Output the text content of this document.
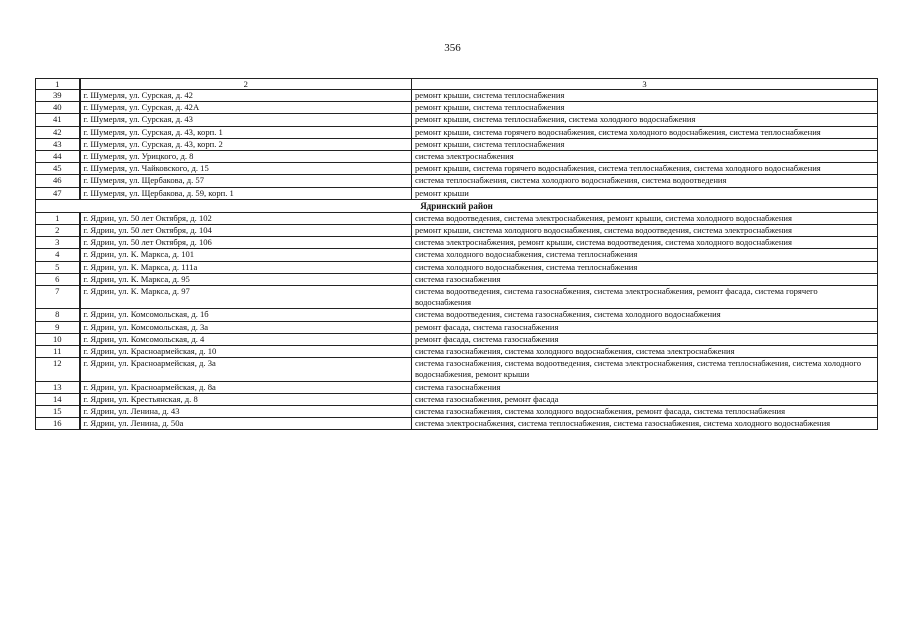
356
1	2	3
39	г. Шумерля, ул. Сурская, д. 42	ремонт крыши, система теплоснабжения
40	г. Шумерля, ул. Сурская, д. 42А	ремонт крыши, система теплоснабжения
41	г. Шумерля, ул. Сурская, д. 43	ремонт крыши, система теплоснабжения, система холодного водоснабжения
42	г. Шумерля, ул. Сурская, д. 43, корп. 1	ремонт крыши, система горячего водоснабжения, система холодного водоснабжения, система теплоснабжения
43	г. Шумерля, ул. Сурская, д. 43, корп. 2	ремонт крыши, система теплоснабжения
44	г. Шумерля, ул. Урицкого, д. 8	система электроснабжения
45	г. Шумерля, ул. Чайковского, д. 15	ремонт крыши, система горячего водоснабжения, система теплоснабжения, система холодного водоснабжения
46	г. Шумерля, ул. Щербакова, д. 57	система теплоснабжения, система холодного водоснабжения, система водоотведения
47	г. Шумерля, ул. Щербакова, д. 59, корп. 1	ремонт крыши
Ядринский район		
1	г. Ядрин, ул. 50 лет Октября, д. 102	система водоотведения, система электроснабжения, ремонт крыши, система холодного водоснабжения
2	г. Ядрин, ул. 50 лет Октября, д. 104	ремонт крыши, система холодного водоснабжения, система водоотведения, система электроснабжения
3	г. Ядрин, ул. 50 лет Октября, д. 106	система электроснабжения, ремонт крыши, система водоотведения, система холодного водоснабжения
4	г. Ядрин, ул. К. Маркса, д. 101	система холодного водоснабжения, система теплоснабжения
5	г. Ядрин, ул. К. Маркса, д. 111а	система холодного водоснабжения, система теплоснабжения
6	г. Ядрин, ул. К. Маркса, д. 95	система газоснабжения
7	г. Ядрин, ул. К. Маркса, д. 97	система водоотведения, система газоснабжения, система электроснабжения, ремонт фасада, система горячего водоснабжения
8	г. Ядрин, ул. Комсомольская, д. 1б	система водоотведения, система газоснабжения, система холодного водоснабжения
9	г. Ядрин, ул. Комсомольская, д. 3а	ремонт фасада, система газоснабжения
10	г. Ядрин, ул. Комсомольская, д. 4	ремонт фасада, система газоснабжения
11	г. Ядрин, ул. Красноармейская, д. 10	система газоснабжения, система холодного водоснабжения, система электроснабжения
12	г. Ядрин, ул. Красноармейская, д. 3а	система газоснабжения, система водоотведения, система электроснабжения, система теплоснабжения, система холодного водоснабжения, ремонт крыши
13	г. Ядрин, ул. Красноармейская, д. 8а	система газоснабжения
14	г. Ядрин, ул. Крестьянская, д. 8	система газоснабжения, ремонт фасада
15	г. Ядрин, ул. Ленина, д. 43	система газоснабжения, система холодного водоснабжения, ремонт фасада, система теплоснабжения
16	г. Ядрин, ул. Ленина, д. 50а	система электроснабжения, система теплоснабжения, система газоснабжения, система холодного водоснабжения
